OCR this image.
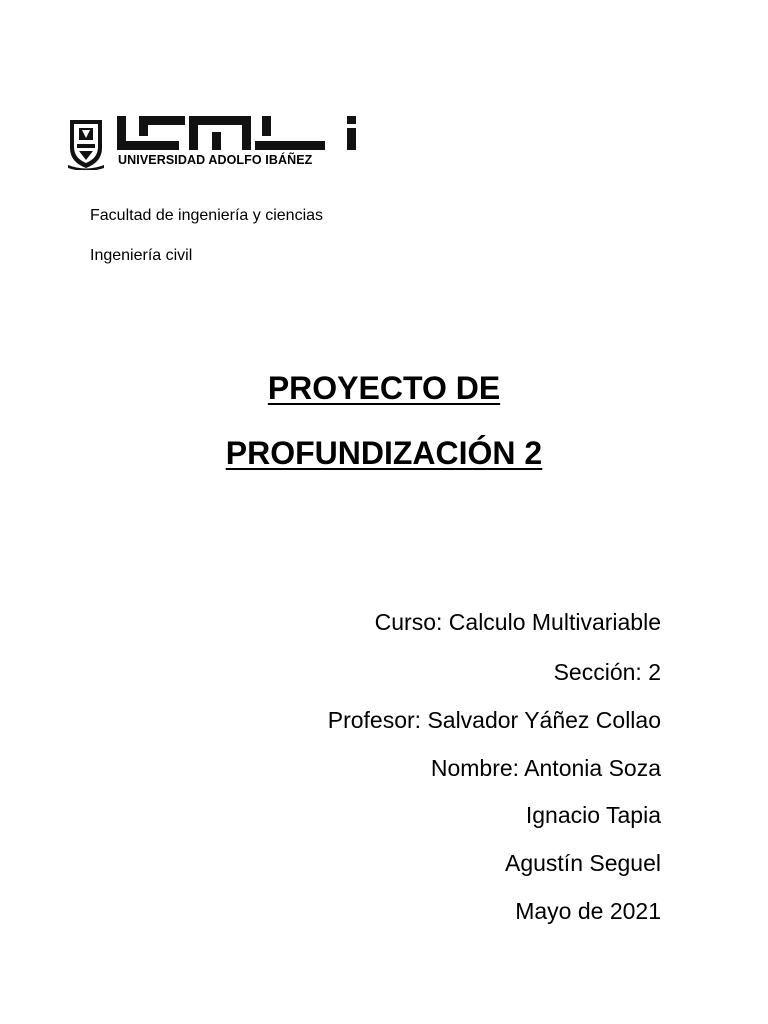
UNIVERSIDAD ADOLFO IBÁÑEZ
Facultad de ingeniería y ciencias
Ingeniería civil
PROYECTO DE
PROFUNDIZACIÓN 2
Curso: Calculo Multivariable
Sección: 2
Profesor: Salvador Yáñez Collao
Nombre: Antonia Soza
Ignacio Tapia
Agustín Seguel
Mayo de 2021
